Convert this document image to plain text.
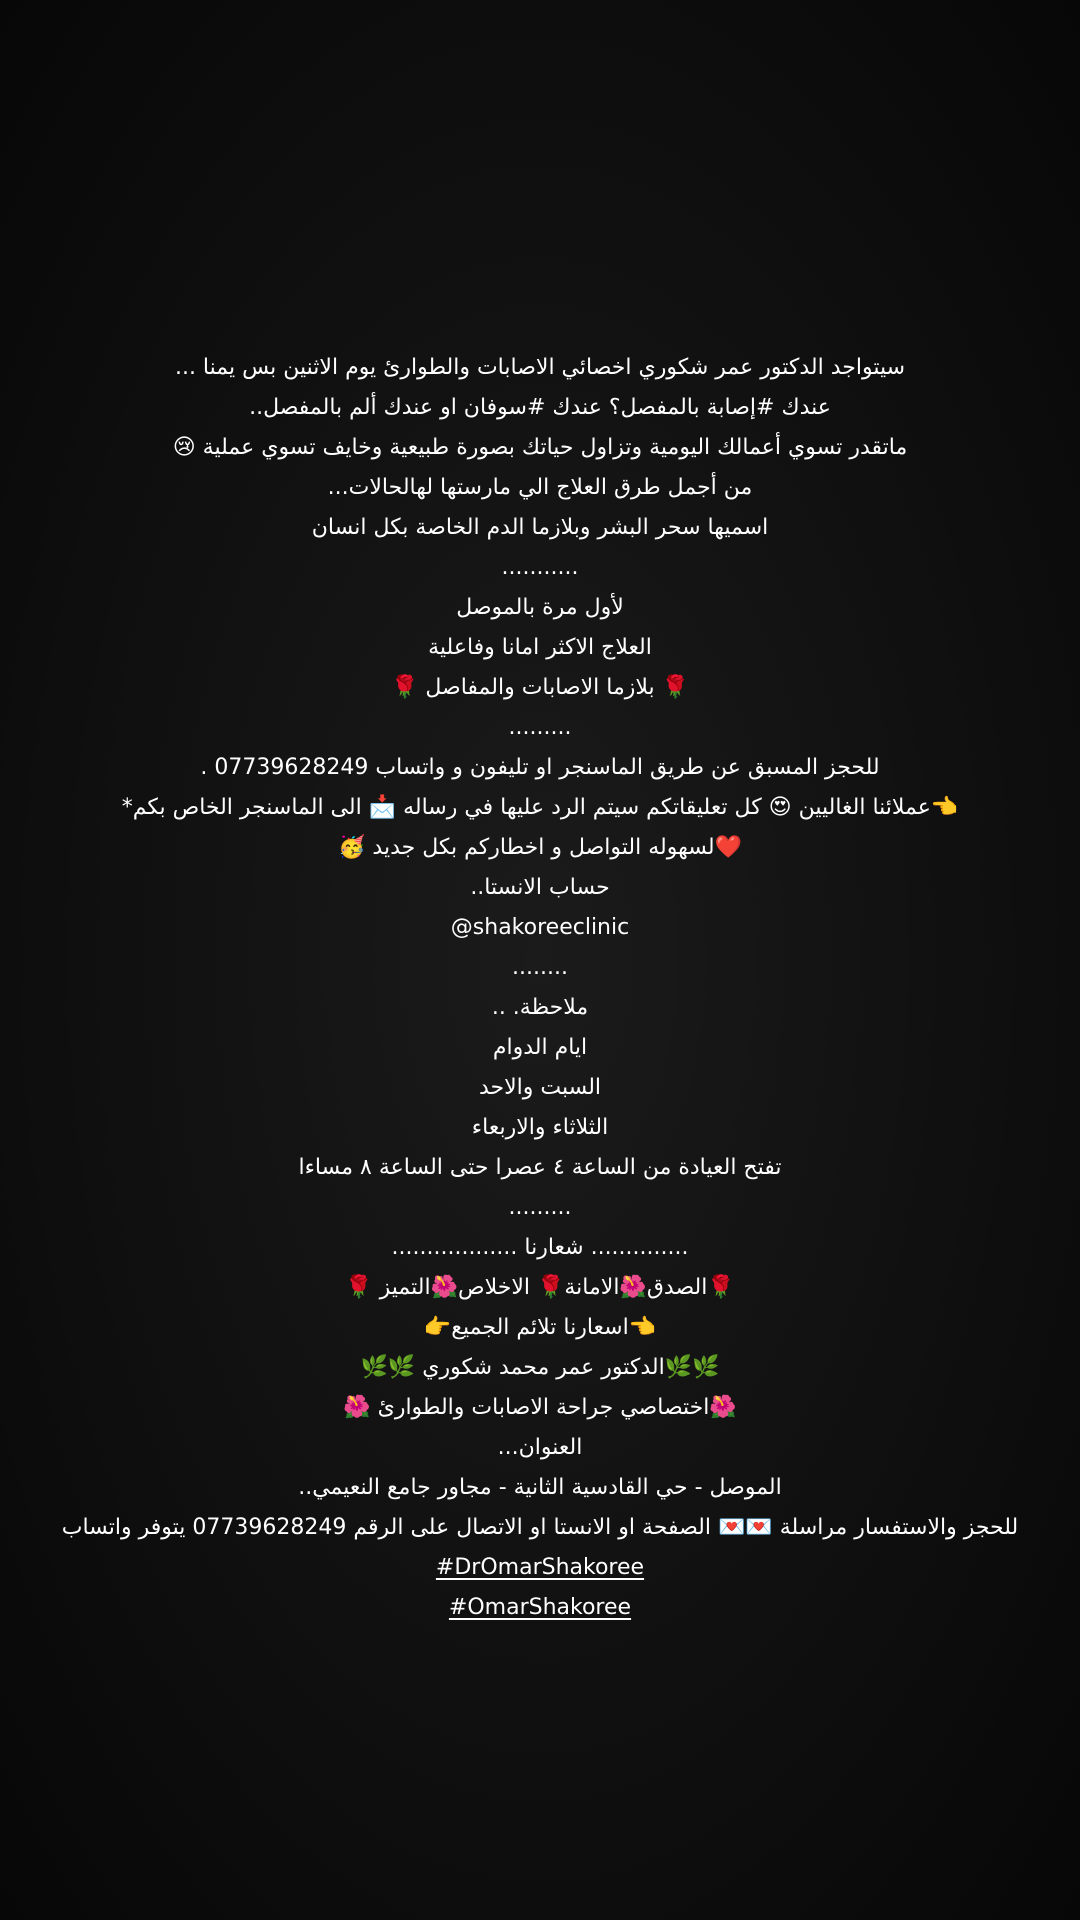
سيتواجد الدكتور عمر شكوري اخصائي الاصابات والطوارئ يوم الاثنين بس يمنا ...
عندك #إصابة بالمفصل؟ عندك #سوفان او عندك ألم بالمفصل..
ماتقدر تسوي أعمالك اليومية وتزاول حياتك بصورة طبيعية وخايف تسوي عملية 😢
من أجمل طرق العلاج الي مارستها لهالحالات...
اسميها سحر البشر وبلازما الدم الخاصة بكل انسان
...........
لأول مرة بالموصل
العلاج الاكثر امانا وفاعلية
🌹 بلازما الاصابات والمفاصل 🌹
.........
للحجز المسبق عن طريق الماسنجر او تليفون و واتساب 07739628249 .
👈عملائنا الغاليين 😍 كل تعليقاتكم سيتم الرد عليها في رساله 📩 الى الماسنجر الخاص بكم*
❤️لسهوله التواصل و اخطاركم بكل جديد 🥳
حساب الانستا..
@shakoreeclinic
........
ملاحظة. ..
ايام الدوام
السبت والاحد
الثلاثاء والاربعاء
تفتح العيادة من الساعة ٤ عصرا حتى الساعة ٨ مساءا
.........
.............. شعارنا ..................
🌹الصدق🌺الامانة🌹 الاخلاص🌺التميز 🌹
👈اسعارنا تلائم الجميع👉
🌿🌿الدكتور عمر محمد شكوري 🌿🌿
🌺اختصاصي جراحة الاصابات والطوارئ 🌺
العنوان...
الموصل - حي القادسية الثانية - مجاور جامع النعيمي..
للحجز والاستفسار مراسلة 💌💌 الصفحة او الانستا او الاتصال على الرقم 07739628249 يتوفر واتساب
#DrOmarShakoree
#OmarShakoree
